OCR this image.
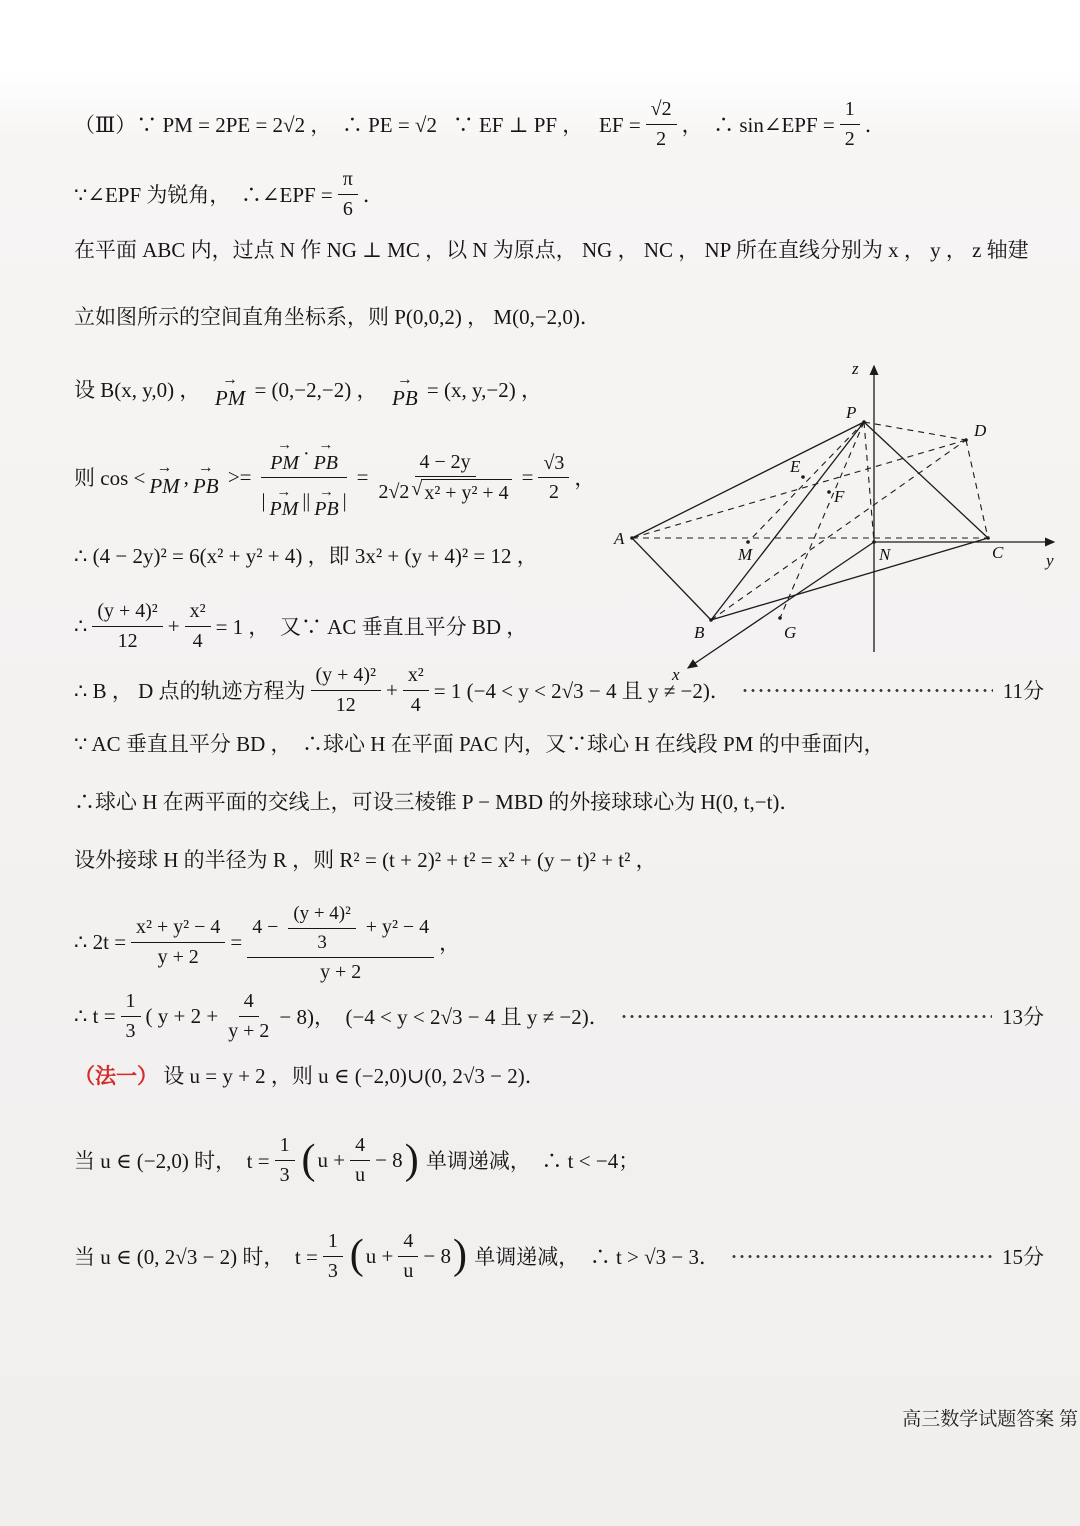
（Ⅲ）∵ PM = 2PE = 2√2 ，  ∴ PE = √2   ∵ EF ⊥ PF ，   EF = $\frac{√2}{2}$ ，  ∴ sin∠EPF = $\frac{1}{2}$ ．
∵∠EPF 为锐角，  ∴∠EPF = $\frac{\pi}{6}$ ．
在平面 ABC 内，过点 N 作 NG ⊥ MC ，以 N 为原点， NG ， NC ， NP 所在直线分别为 x ， y ， z 轴建
立如图所示的空间直角坐标系，则 P(0,0,2) ， M(0,−2,0)．
设 B(x, y,0) ， →
PM = (0,−2,−2) ， →
PB = (x, y,−2) ，
则 cos < →
PM , →
PB >=
→
PM · →
PB
| →
PM || →
PB |
= $\frac{4 - 2y}{\text{2√2 √ x² + y² + 4}} = \frac{√3}{2}$ ，
∴ (4 − 2y)² = 6(x² + y² + 4) ，即 3x² + (y + 4)² = 12 ，
∴ $\frac{\text{(y + 4)²}}{12} + \frac{\text{x²}}{4} = 1$ ，  又∵ AC 垂直且平分 BD ，
∴ B ， D 点的轨迹方程为 $\frac{\text{(y + 4)²}}{12} + \frac{\text{x²}}{4} = 1$ (−4 < y < 2√3 − 4 且 y ≠ −2)．	11分
∵ AC 垂直且平分 BD ，  ∴球心 H 在平面 PAC 内，又∵球心 H 在线段 PM 的中垂面内，
∴球心 H 在两平面的交线上，可设三棱锥 P − MBD 的外接球球心为 H(0, t,−t)．
设外接球 H 的半径为 R ，则 R² = (t + 2)² + t² = x² + (y − t)² + t² ，
∴ $2t = \frac{\text{x² + y² − 4}}{y + 2}$ =
$4 - \frac{\text{(y + 4)²}}{3} + y^2 - 4$
y + 2
，
∴ $t = \frac{1}{3}$ ( $y + 2 + \frac{4}{y + 2} - 8$)，  (−4 < y < 2√3 − 4 且 y ≠ −2)．	13分
（法一） 设 u = y + 2 ，则 u ∈ (−2,0)∪(0, 2√3 − 2)．
当 u ∈ (−2,0) 时，  $t = \frac{1}{3}$ ( $u + \frac{4}{u} - 8$ ) 单调递减，  ∴ t < −4；
当 u ∈ (0, 2√3 − 2) 时，  $t = \frac{1}{3}$ ( $u + \frac{4}{u} - 8$ ) 单调递减，  ∴ t > √3 − 3．	15分
z
y
x
P
D
E
F
A
M	N	C
B	G
高三数学试题答案 第
